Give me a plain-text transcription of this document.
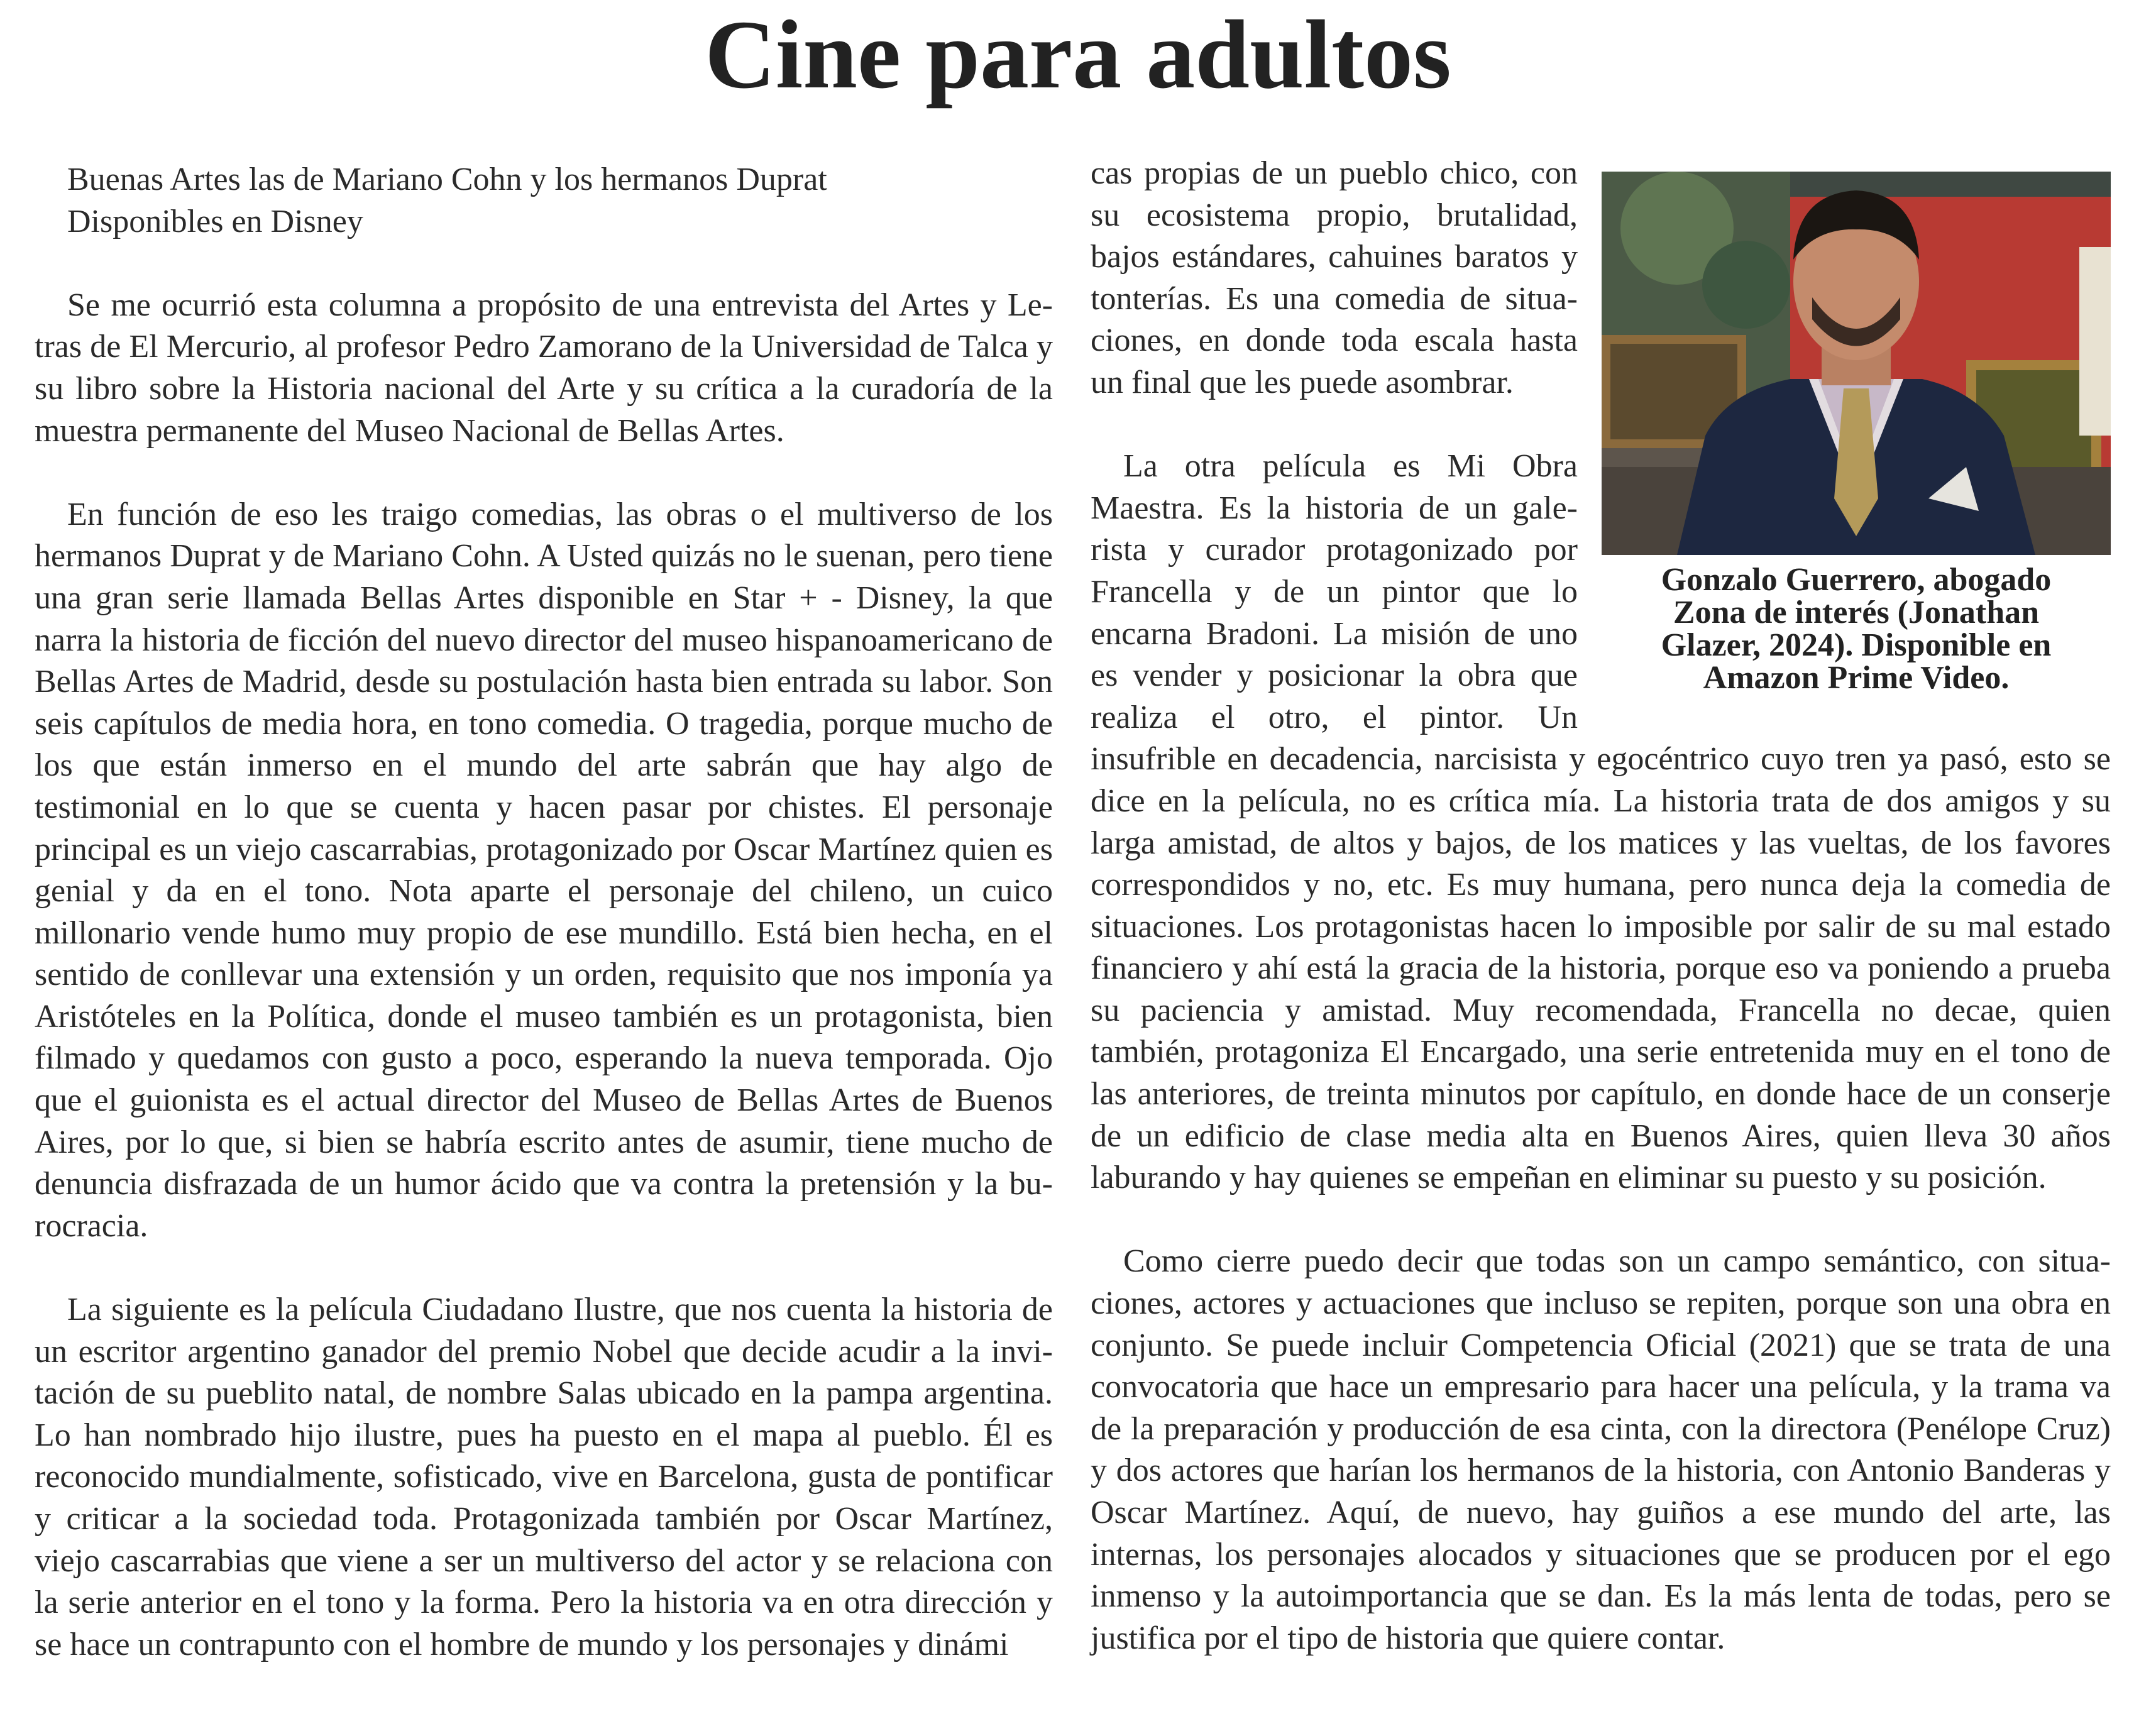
Cine para adultos
Buenas Artes las de Mariano Cohn y los hermanos Duprat
Disponibles en Disney

Se me ocurrió esta columna a propósito de una entrevista del Artes y Letras de El Mercurio, al profesor Pedro Zamorano de la Universidad de Talca y su libro sobre la Historia nacional del Arte y su crítica a la curadoría de la muestra permanente del Museo Nacional de Bellas Artes.

En función de eso les traigo comedias, las obras o el multiverso de los hermanos Duprat y de Mariano Cohn. A Usted quizás no le suenan, pero tiene una gran serie llamada Bellas Artes disponible en Star + - Disney, la que narra la historia de ficción del nuevo director del museo hispanoamericano de Bellas Artes de Madrid, desde su postulación hasta bien entrada su labor. Son seis capítulos de media hora, en tono comedia. O tragedia, porque mucho de los que están inmerso en el mundo del arte sabrán que hay algo de testimonial en lo que se cuenta y hacen pasar por chistes. El personaje principal es un viejo cascarrabias, protagonizado por Oscar Martínez quien es genial y da en el tono. Nota aparte el personaje del chileno, un cuico millonario vende humo muy propio de ese mundillo. Está bien hecha, en el sentido de conllevar una extensión y un orden, requisito que nos imponía ya Aristóteles en la Política, donde el museo también es un protagonista, bien filmado y quedamos con gusto a poco, esperando la nueva temporada. Ojo que el guionista es el actual director del Museo de Bellas Artes de Buenos Aires, por lo que, si bien se habría escrito antes de asumir, tiene mucho de denuncia disfrazada de un humor ácido que va contra la pretensión y la burocracia.

La siguiente es la película Ciudadano Ilustre, que nos cuenta la historia de un escritor argentino ganador del premio Nobel que decide acudir a la invitación de su pueblito natal, de nombre Salas ubicado en la pampa argentina. Lo han nombrado hijo ilustre, pues ha puesto en el mapa al pueblo. Él es reconocido mundialmente, sofisticado, vive en Barcelona, gusta de pontificar y criticar a la sociedad toda. Protagonizada también por Oscar Martínez, viejo cascarrabias que viene a ser un multiverso del actor y se relaciona con la serie anterior en el tono y la forma. Pero la historia va en otra dirección y se hace un contrapunto con el hombre de mundo y los personajes y dinámi

Gonzalo Guerrero, abogado
Zona de interés (Jonathan
Glazer, 2024). Disponible en
Amazon Prime Video.

cas propias de un pueblo chico, con su ecosistema propio, brutalidad, bajos estándares, cahuines baratos y tonterías. Es una comedia de situaciones, en donde toda escala hasta un final que les puede asombrar.

La otra película es Mi Obra Maestra. Es la historia de un galerista y curador protagonizado por Francella y de un pintor que lo encarna Bradoni. La misión de uno es vender y posicionar la obra que realiza el otro, el pintor. Un insufrible en decadencia, narcisista y egocéntrico cuyo tren ya pasó, esto se dice en la película, no es crítica mía. La historia trata de dos amigos y su larga amistad, de altos y bajos, de los matices y las vueltas, de los favores correspondidos y no, etc. Es muy humana, pero nunca deja la comedia de situaciones. Los protagonistas hacen lo imposible por salir de su mal estado financiero y ahí está la gracia de la historia, porque eso va poniendo a prueba su paciencia y amistad. Muy recomendada, Francella no decae, quien también, protagoniza El Encargado, una serie entretenida muy en el tono de las anteriores, de treinta minutos por capítulo, en donde hace de un conserje de un edificio de clase media alta en Buenos Aires, quien lleva 30 años laburando y hay quienes se empeñan en eliminar su puesto y su posición.

Como cierre puedo decir que todas son un campo semántico, con situaciones, actores y actuaciones que incluso se repiten, porque son una obra en conjunto. Se puede incluir Competencia Oficial (2021) que se trata de una convocatoria que hace un empresario para hacer una película, y la trama va de la preparación y producción de esa cinta, con la directora (Penélope Cruz) y dos actores que harían los hermanos de la historia, con Antonio Banderas y Oscar Martínez. Aquí, de nuevo, hay guiños a ese mundo del arte, las internas, los personajes alocados y situaciones que se producen por el ego inmenso y la autoimportancia que se dan. Es la más lenta de todas, pero se justifica por el tipo de historia que quiere contar.
